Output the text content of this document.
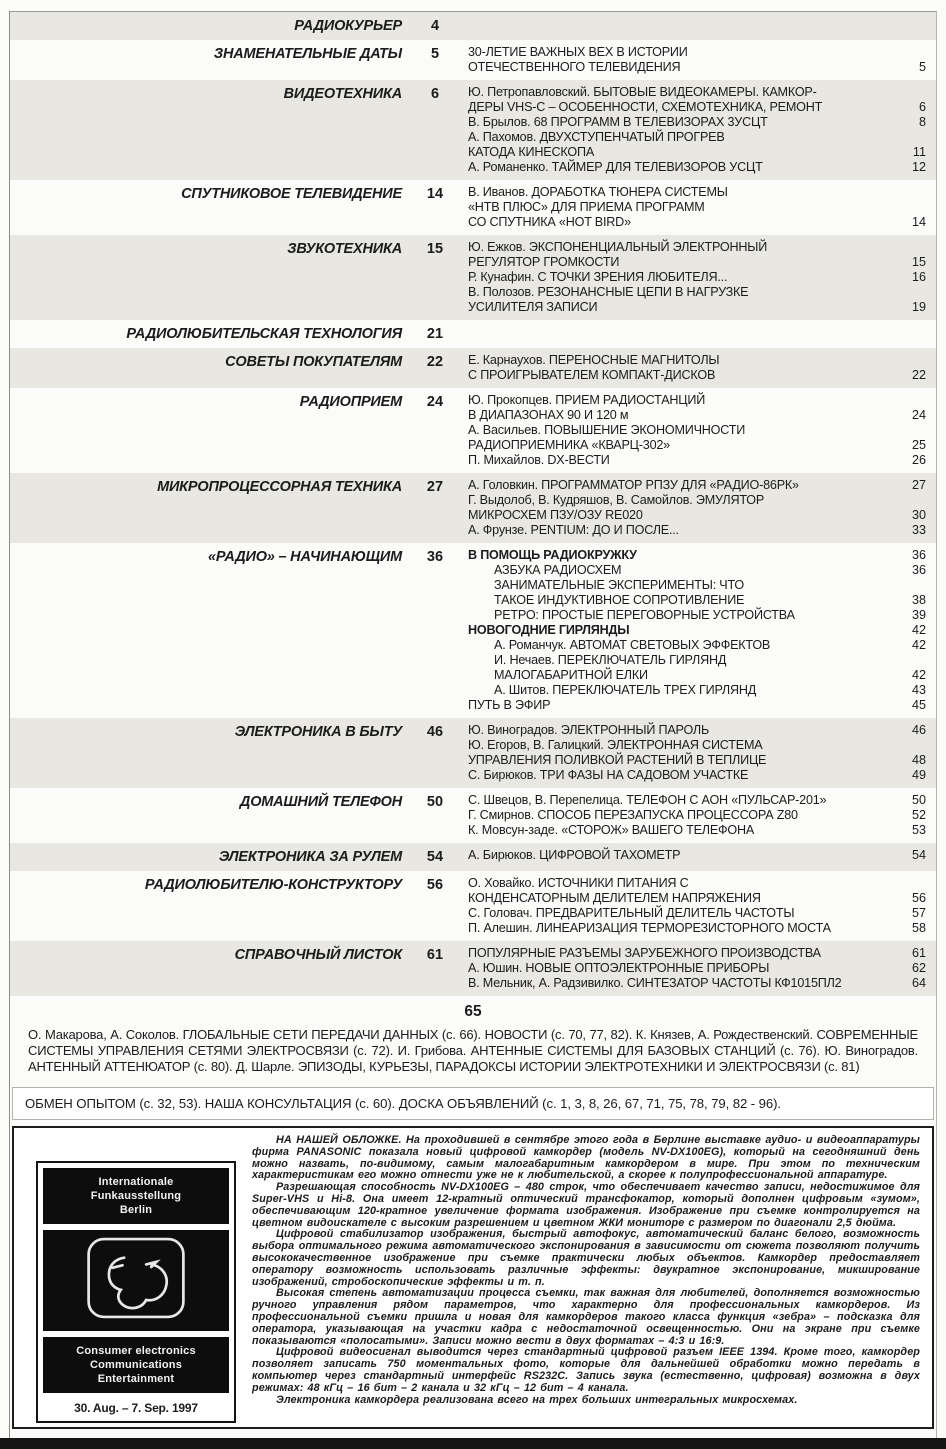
РАДИОКУРЬЕР	4
ЗНАМЕНАТЕЛЬНЫЕ ДАТЫ	5	30-ЛЕТИЕ ВАЖНЫХ ВЕХ В ИСТОРИИ
ОТЕЧЕСТВЕННОГО ТЕЛЕВИДЕНИЯ	5
ВИДЕОТЕХНИКА	6	Ю. Петропавловский. БЫТОВЫЕ ВИДЕОКАМЕРЫ. КАМКОР-
ДЕРЫ VHS-C – ОСОБЕННОСТИ, СХЕМОТЕХНИКА, РЕМОНТ	6
В. Брылов. 68 ПРОГРАММ В ТЕЛЕВИЗОРАХ 3УСЦТ	8
А. Пахомов. ДВУХСТУПЕНЧАТЫЙ ПРОГРЕВ
КАТОДА КИНЕСКОПА	11
А. Романенко. ТАЙМЕР ДЛЯ ТЕЛЕВИЗОРОВ УСЦТ	12
СПУТНИКОВОЕ ТЕЛЕВИДЕНИЕ	14	В. Иванов. ДОРАБОТКА ТЮНЕРА СИСТЕМЫ
«НТВ ПЛЮС» ДЛЯ ПРИЕМА ПРОГРАММ
СО СПУТНИКА «HOT BIRD»	14
ЗВУКОТЕХНИКА	15	Ю. Ежков. ЭКСПОНЕНЦИАЛЬНЫЙ ЭЛЕКТРОННЫЙ
РЕГУЛЯТОР ГРОМКОСТИ	15
Р. Кунафин. С ТОЧКИ ЗРЕНИЯ ЛЮБИТЕЛЯ...	16
В. Полозов. РЕЗОНАНСНЫЕ ЦЕПИ В НАГРУЗКЕ
УСИЛИТЕЛЯ ЗАПИСИ	19
РАДИОЛЮБИТЕЛЬСКАЯ ТЕХНОЛОГИЯ	21
СОВЕТЫ ПОКУПАТЕЛЯМ	22	Е. Карнаухов. ПЕРЕНОСНЫЕ МАГНИТОЛЫ
С ПРОИГРЫВАТЕЛЕМ КОМПАКТ-ДИСКОВ	22
РАДИОПРИЕМ	24	Ю. Прокопцев. ПРИЕМ РАДИОСТАНЦИЙ
В ДИАПАЗОНАХ 90 И 120 м	24
А. Васильев. ПОВЫШЕНИЕ ЭКОНОМИЧНОСТИ
РАДИОПРИЕМНИКА «КВАРЦ-302»	25
П. Михайлов. DX-ВЕСТИ	26
МИКРОПРОЦЕССОРНАЯ ТЕХНИКА	27	А. Головкин. ПРОГРАММАТОР РПЗУ ДЛЯ «РАДИО-86РК»	27
Г. Выдолоб, В. Кудряшов, В. Самойлов. ЭМУЛЯТОР
МИКРОСХЕМ ПЗУ/ОЗУ RE020	30
А. Фрунзе. PENTIUM: ДО И ПОСЛЕ...	33
«РАДИО» – НАЧИНАЮЩИМ	36	В ПОМОЩЬ РАДИОКРУЖКУ	36
АЗБУКА РАДИОСХЕМ	36
ЗАНИМАТЕЛЬНЫЕ ЭКСПЕРИМЕНТЫ: ЧТО
ТАКОЕ ИНДУКТИВНОЕ СОПРОТИВЛЕНИЕ	38
РЕТРО: ПРОСТЫЕ ПЕРЕГОВОРНЫЕ УСТРОЙСТВА	39
НОВОГОДНИЕ ГИРЛЯНДЫ	42
А. Романчук. АВТОМАТ СВЕТОВЫХ ЭФФЕКТОВ	42
И. Нечаев. ПЕРЕКЛЮЧАТЕЛЬ ГИРЛЯНД
МАЛОГАБАРИТНОЙ ЕЛКИ	42
А. Шитов. ПЕРЕКЛЮЧАТЕЛЬ ТРЕХ ГИРЛЯНД	43
ПУТЬ В ЭФИР	45
ЭЛЕКТРОНИКА В БЫТУ	46	Ю. Виноградов. ЭЛЕКТРОННЫЙ ПАРОЛЬ	46
Ю. Егоров, В. Галицкий. ЭЛЕКТРОННАЯ СИСТЕМА
УПРАВЛЕНИЯ ПОЛИВКОЙ РАСТЕНИЙ В ТЕПЛИЦЕ	48
С. Бирюков. ТРИ ФАЗЫ НА САДОВОМ УЧАСТКЕ	49
ДОМАШНИЙ ТЕЛЕФОН	50	С. Швецов, В. Перепелица. ТЕЛЕФОН С АОН «ПУЛЬСАР-201»	50
Г. Смирнов. СПОСОБ ПЕРЕЗАПУСКА ПРОЦЕССОРА Z80	52
К. Мовсун-заде. «СТОРОЖ» ВАШЕГО ТЕЛЕФОНА	53
ЭЛЕКТРОНИКА ЗА РУЛЕМ	54	А. Бирюков. ЦИФРОВОЙ ТАХОМЕТР	54
РАДИОЛЮБИТЕЛЮ-КОНСТРУКТОРУ	56	О. Ховайко. ИСТОЧНИКИ ПИТАНИЯ С
КОНДЕНСАТОРНЫМ ДЕЛИТЕЛЕМ НАПРЯЖЕНИЯ	56
С. Головач. ПРЕДВАРИТЕЛЬНЫЙ ДЕЛИТЕЛЬ ЧАСТОТЫ	57
П. Алешин. ЛИНЕАРИЗАЦИЯ ТЕРМОРЕЗИСТОРНОГО МОСТА	58
СПРАВОЧНЫЙ ЛИСТОК	61	ПОПУЛЯРНЫЕ РАЗЪЕМЫ ЗАРУБЕЖНОГО ПРОИЗВОДСТВА	61
А. Юшин. НОВЫЕ ОПТОЭЛЕКТРОННЫЕ ПРИБОРЫ	62
В. Мельник, А. Радзивилко. СИНТЕЗАТОР ЧАСТОТЫ КФ1015ПЛ2	64
65

О. Макарова, А. Соколов. ГЛОБАЛЬНЫЕ СЕТИ ПЕРЕДАЧИ ДАННЫХ (с. 66). НОВОСТИ (с. 70, 77, 82). К. Князев, А. Рождественский. СОВРЕМЕННЫЕ СИСТЕМЫ УПРАВЛЕНИЯ СЕТЯМИ ЭЛЕКТРОСВЯЗИ (с. 72). И. Грибова. АНТЕННЫЕ СИСТЕМЫ ДЛЯ БАЗОВЫХ СТАНЦИЙ (с. 76). Ю. Виноградов. АНТЕННЫЙ АТТЕНЮАТОР (с. 80). Д. Шарле. ЭПИЗОДЫ, КУРЬЕЗЫ, ПАРАДОКСЫ ИСТОРИИ ЭЛЕКТРОТЕХНИКИ И ЭЛЕКТРОСВЯЗИ (с. 81)

ОБМЕН ОПЫТОМ (с. 32, 53). НАША КОНСУЛЬТАЦИЯ (с. 60). ДОСКА ОБЪЯВЛЕНИЙ (с. 1, 3, 8, 26, 67, 71, 75, 78, 79, 82 - 96).
Internationale
Funkausstellung
Berlin
Consumer electronics
Communications
Entertainment
30. Aug. – 7. Sep. 1997

НА НАШЕЙ ОБЛОЖКЕ. На проходившей в сентябре этого года в Берлине выставке аудио- и видеоаппаратуры фирма PANASONIC показала новый цифровой камкордер (модель NV-DX100EG), который на сегодняшний день можно назвать, по-видимому, самым малогабаритным камкордером в мире. При этом по техническим характеристикам его можно отнести уже не к любительской, а скорее к полупрофессиональной аппаратуре.

Разрешающая способность NV-DX100EG – 480 строк, что обеспечивает качество записи, недостижимое для Super-VHS и Hi-8. Она имеет 12-кратный оптический трансфокатор, который дополнен цифровым «зумом», обеспечивающим 120-кратное увеличение формата изображения. Изображение при съемке контролируется на цветном видоискателе с высоким разрешением и цветном ЖКИ мониторе с размером по диагонали 2,5 дюйма.

Цифровой стабилизатор изображения, быстрый автофокус, автоматический баланс белого, возможность выбора оптимального режима автоматического экспонирования в зависимости от сюжета позволяют получить высококачественное изображение при съемке практически любых объектов. Камкордер предоставляет оператору возможность использовать различные эффекты: двукратное экспонирование, микширование изображений, стробоскопические эффекты и т. п.

Высокая степень автоматизации процесса съемки, так важная для любителей, дополняется возможностью ручного управления рядом параметров, что характерно для профессиональных камкордеров. Из профессиональной съемки пришла и новая для камкордеров такого класса функция «зебра» – подсказка для оператора, указывающая на участки кадра с недостаточной освещенностью. Они на экране при съемке показываются «полосатыми». Записи можно вести в двух форматах – 4:3 и 16:9.

Цифровой видеосигнал выводится через стандартный цифровой разъем IEEE 1394. Кроме того, камкордер позволяет записать 750 моментальных фото, которые для дальнейшей обработки можно передать в компьютер через стандартный интерфейс RS232C. Запись звука (естественно, цифровая) возможна в двух режимах: 48 кГц – 16 бит – 2 канала и 32 кГц – 12 бит – 4 канала.

Электроника камкордера реализована всего на трех больших интегральных микросхемах.
